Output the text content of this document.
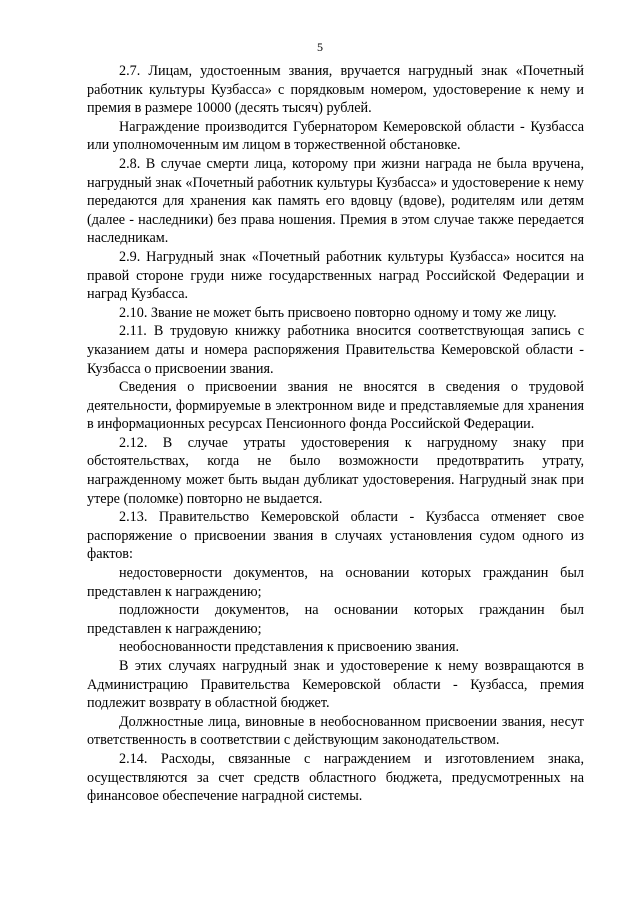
5

2.7. Лицам, удостоенным звания, вручается нагрудный знак «Почетный работник культуры Кузбасса» с порядковым номером, удостоверение к нему и премия в размере 10000 (десять тысяч) рублей.

Награждение производится Губернатором Кемеровской области - Кузбасса или уполномоченным им лицом в торжественной обстановке.

2.8. В случае смерти лица, которому при жизни награда не была вручена, нагрудный знак «Почетный работник культуры Кузбасса» и удостоверение к нему передаются для хранения как память его вдовцу (вдове), родителям или детям (далее - наследники) без права ношения. Премия в этом случае также передается наследникам.

2.9. Нагрудный знак «Почетный работник культуры Кузбасса» носится на правой стороне груди ниже государственных наград Российской Федерации и наград Кузбасса.

2.10. Звание не может быть присвоено повторно одному и тому же лицу.

2.11. В трудовую книжку работника вносится соответствующая запись с указанием даты и номера распоряжения Правительства Кемеровской области - Кузбасса о присвоении звания.

Сведения о присвоении звания не вносятся в сведения о трудовой деятельности, формируемые в электронном виде и представляемые для хранения в информационных ресурсах Пенсионного фонда Российской Федерации.

2.12. В случае утраты удостоверения к нагрудному знаку при обстоятельствах, когда не было возможности предотвратить утрату, награжденному может быть выдан дубликат удостоверения. Нагрудный знак при утере (поломке) повторно не выдается.

2.13. Правительство Кемеровской области - Кузбасса отменяет свое распоряжение о присвоении звания в случаях установления судом одного из фактов:

недостоверности документов, на основании которых гражданин был представлен к награждению;

подложности документов, на основании которых гражданин был представлен к награждению;

необоснованности представления к присвоению звания.

В этих случаях нагрудный знак и удостоверение к нему возвращаются в Администрацию Правительства Кемеровской области - Кузбасса, премия подлежит возврату в областной бюджет.

Должностные лица, виновные в необоснованном присвоении звания, несут ответственность в соответствии с действующим законодательством.

2.14. Расходы, связанные с награждением и изготовлением знака, осуществляются за счет средств областного бюджета, предусмотренных на финансовое обеспечение наградной системы.
